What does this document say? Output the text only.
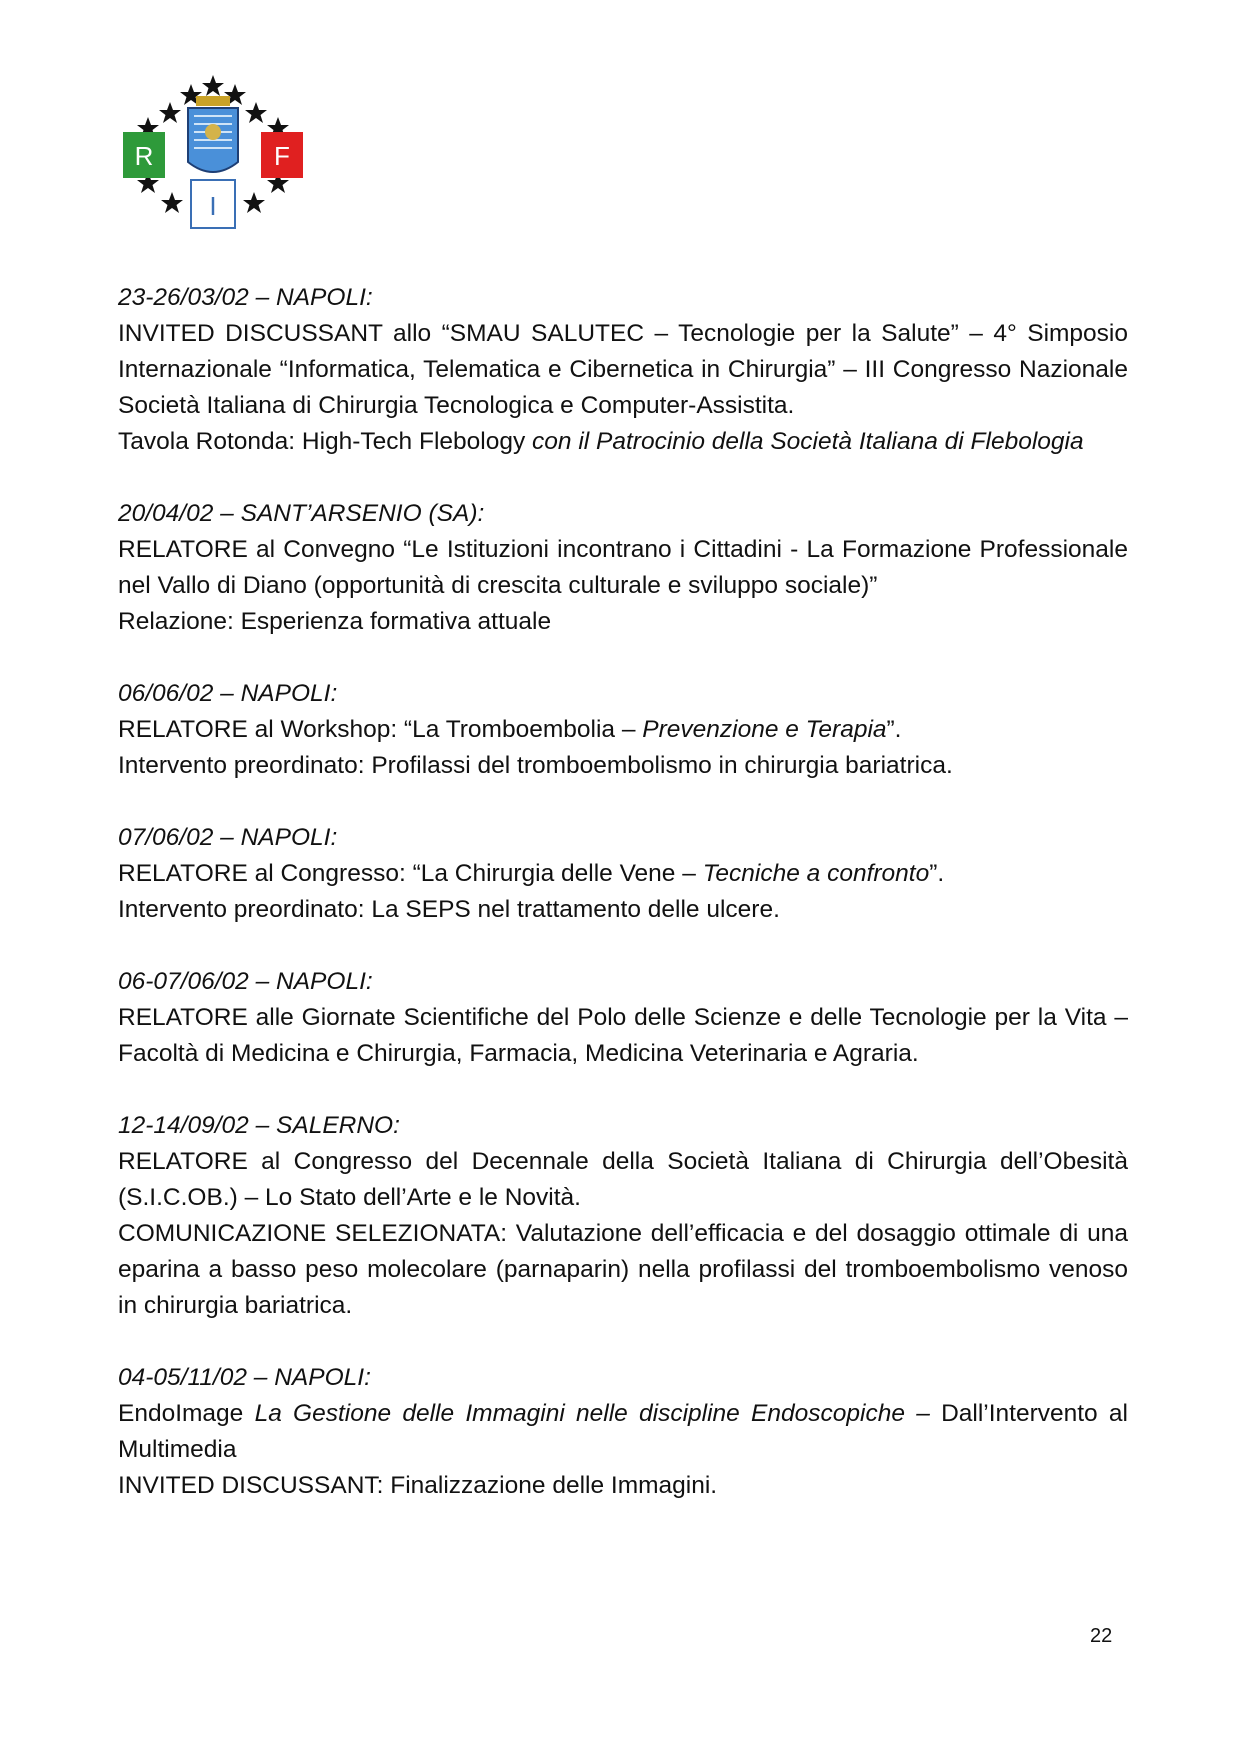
R	F
I
23-26/03/02 – NAPOLI:
INVITED DISCUSSANT allo “SMAU SALUTEC – Tecnologie per la Salute” – 4° Simposio Internazionale “Informatica, Telematica e Cibernetica in Chirurgia” – III Congresso Nazionale Società Italiana di Chirurgia Tecnologica e Computer-Assistita.
Tavola Rotonda: High-Tech Flebology con il Patrocinio della Società Italiana di Flebologia
20/04/02 – SANT’ARSENIO (SA):
RELATORE al Convegno “Le Istituzioni incontrano i Cittadini - La Formazione Professionale nel Vallo di Diano (opportunità di crescita culturale e sviluppo sociale)”
Relazione: Esperienza formativa attuale
06/06/02 – NAPOLI:
RELATORE al Workshop: “La Tromboembolia – Prevenzione e Terapia”.
Intervento preordinato: Profilassi del tromboembolismo in chirurgia bariatrica.
07/06/02 – NAPOLI:
RELATORE al Congresso: “La Chirurgia delle Vene – Tecniche a confronto”.
Intervento preordinato: La SEPS nel trattamento delle ulcere.
06-07/06/02 – NAPOLI:
RELATORE alle Giornate Scientifiche del Polo delle Scienze e delle Tecnologie per la Vita – Facoltà di Medicina e Chirurgia, Farmacia, Medicina Veterinaria e Agraria.
12-14/09/02 – SALERNO:
RELATORE al Congresso del Decennale della Società Italiana di Chirurgia dell’Obesità (S.I.C.OB.) – Lo Stato dell’Arte e le Novità.
COMUNICAZIONE SELEZIONATA: Valutazione dell’efficacia e del dosaggio ottimale di una eparina a basso peso molecolare (parnaparin) nella profilassi del tromboembolismo venoso in chirurgia bariatrica.
04-05/11/02 – NAPOLI:
EndoImage La Gestione delle Immagini nelle discipline Endoscopiche – Dall’Intervento al Multimedia
INVITED DISCUSSANT: Finalizzazione delle Immagini.
22
